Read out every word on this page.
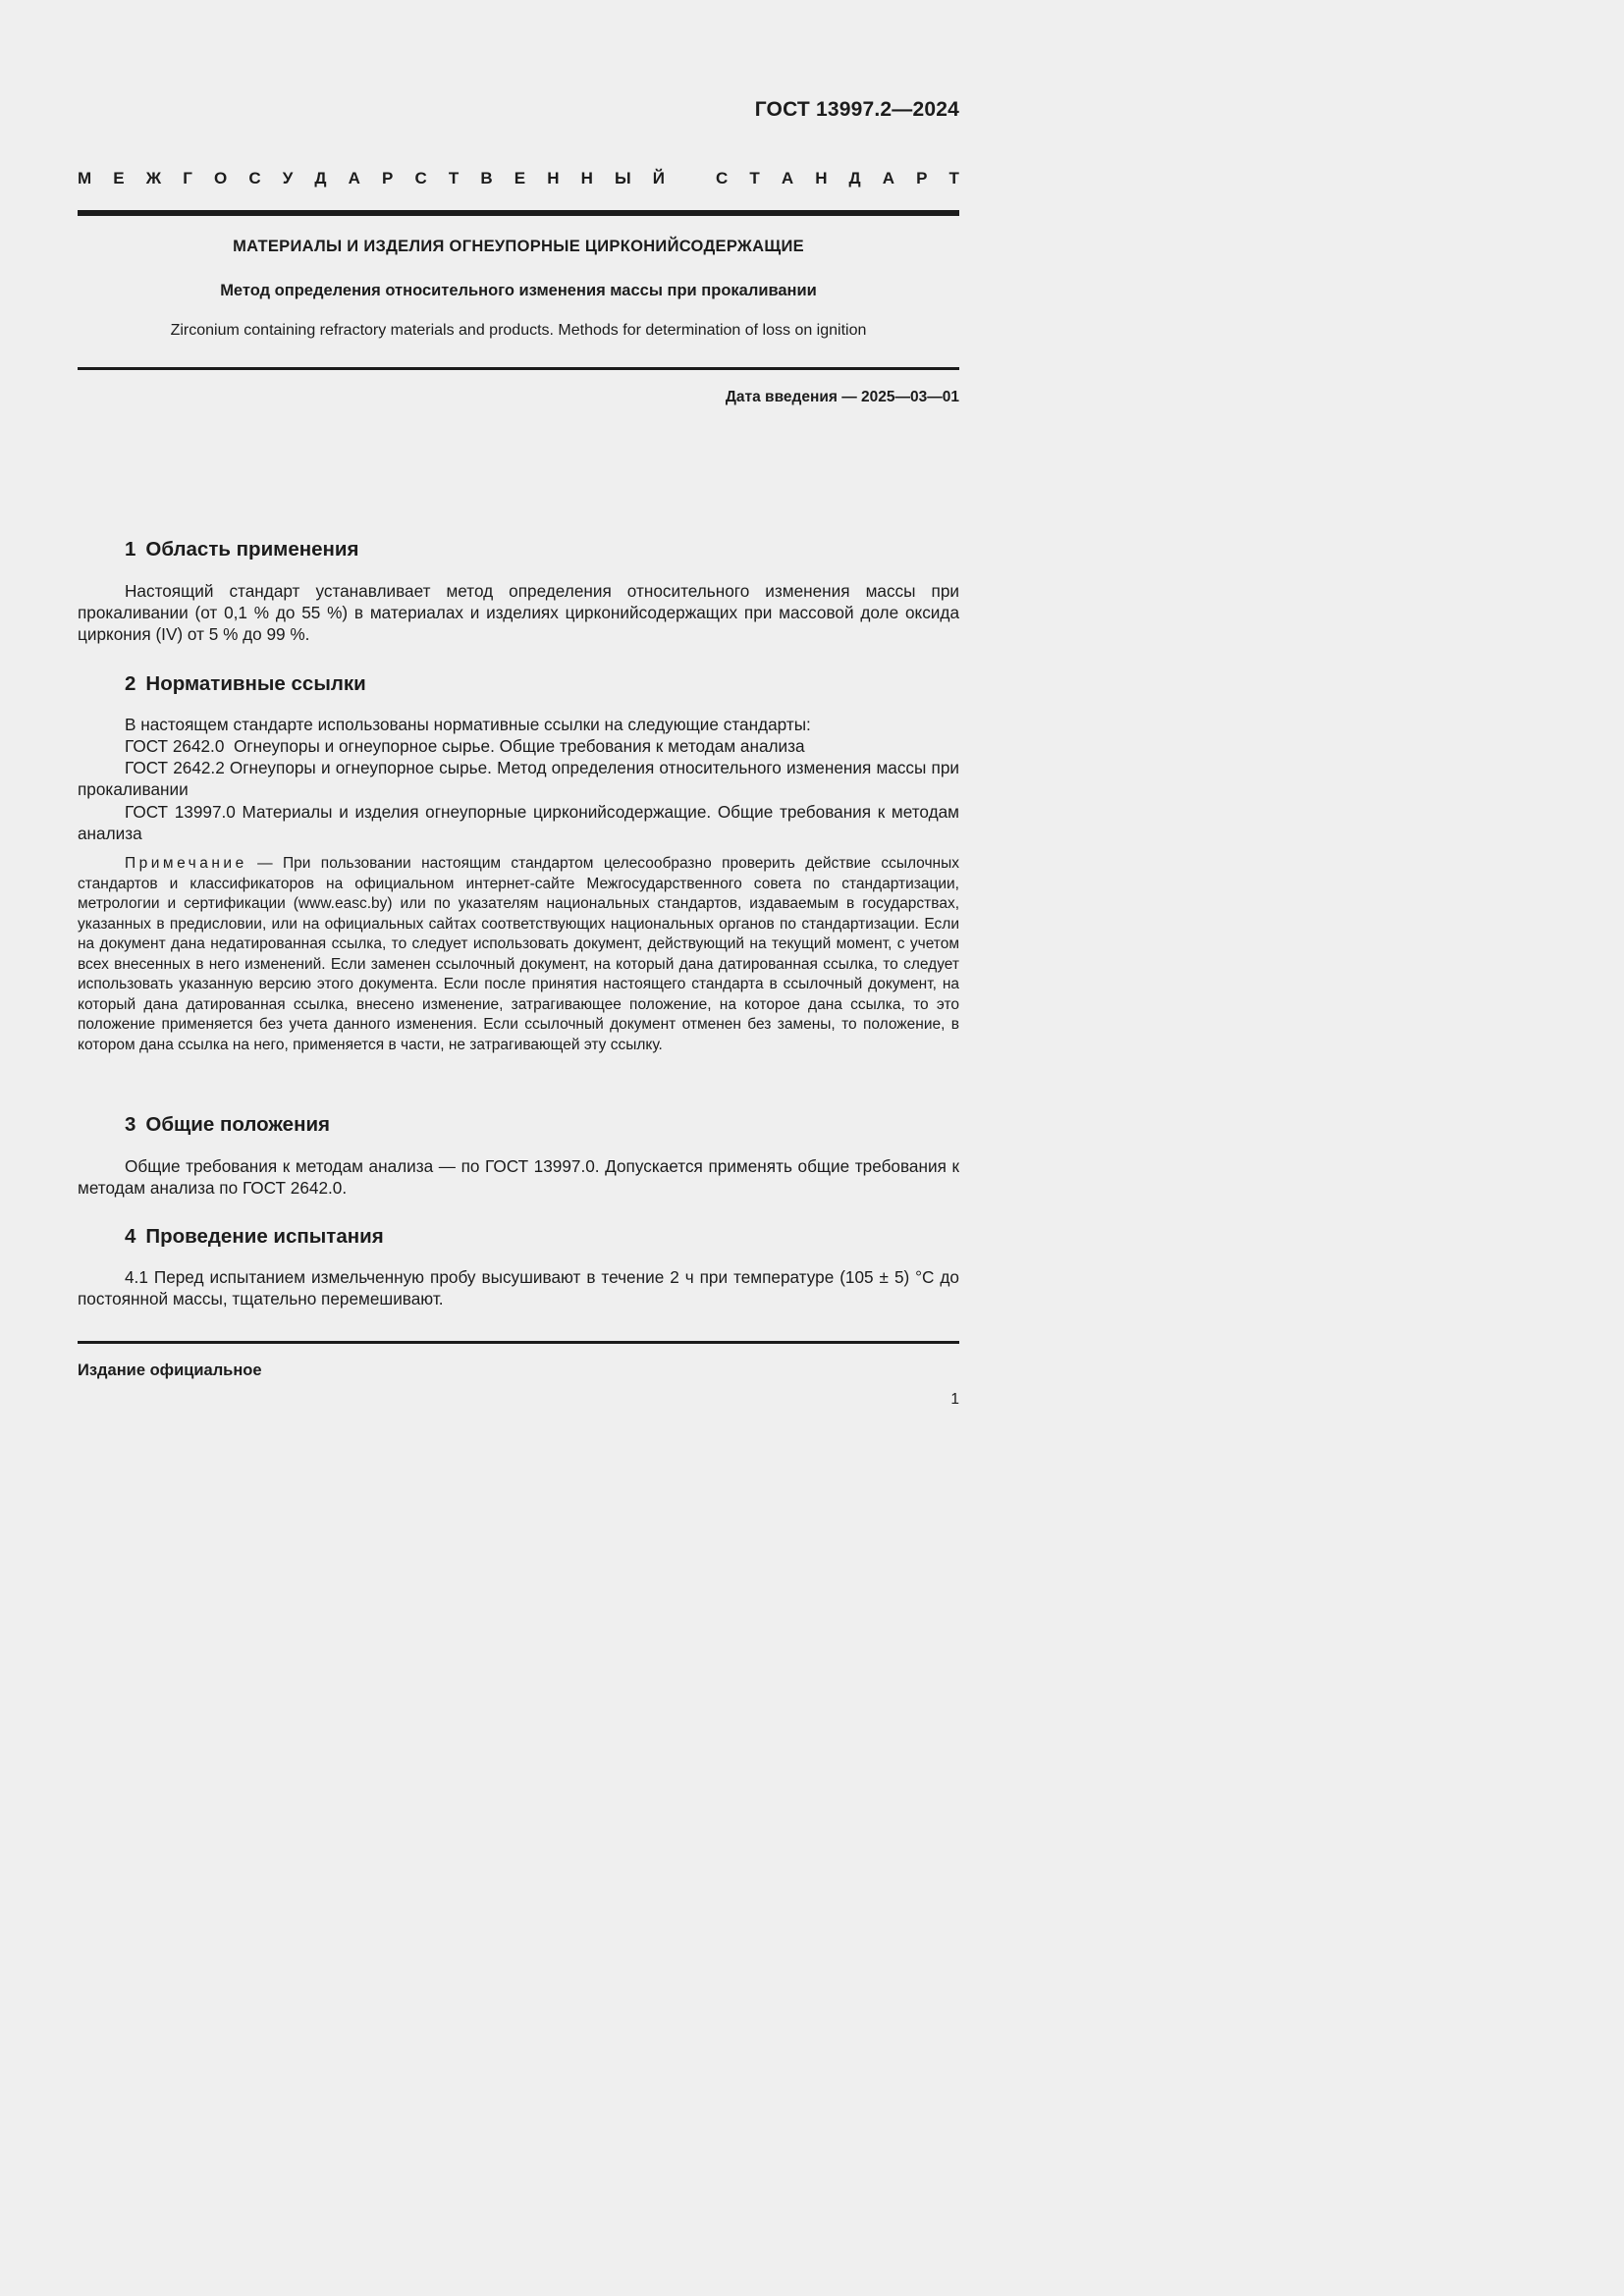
ГОСТ 13997.2—2024
М Е Ж Г О С У Д А Р С Т В Е Н Н Ы Й	С Т А Н Д А Р Т
МАТЕРИАЛЫ И ИЗДЕЛИЯ ОГНЕУПОРНЫЕ ЦИРКОНИЙСОДЕРЖАЩИЕ
Метод определения относительного изменения массы при прокаливании
Zirconium containing refractory materials and products. Methods for determination of loss on ignition
Дата введения — 2025—03—01
1 Область применения

Настоящий стандарт устанавливает метод определения относительного изменения массы при прокаливании (от 0,1 % до 55 %) в материалах и изделиях цирконийсодержащих при массовой доле оксида циркония (IV) от 5 % до 99 %.

2 Нормативные ссылки

В настоящем стандарте использованы нормативные ссылки на следующие стандарты:

ГОСТ 2642.0  Огнеупоры и огнеупорное сырье. Общие требования к методам анализа

ГОСТ 2642.2 Огнеупоры и огнеупорное сырье. Метод определения относительного изменения массы при прокаливании

ГОСТ 13997.0 Материалы и изделия огнеупорные цирконийсодержащие. Общие требования к методам анализа

Примечание — При пользовании настоящим стандартом целесообразно проверить действие ссылочных стандартов и классификаторов на официальном интернет-сайте Межгосударственного совета по стандартизации, метрологии и сертификации (www.easc.by) или по указателям национальных стандартов, издаваемым в государствах, указанных в предисловии, или на официальных сайтах соответствующих национальных органов по стандартизации. Если на документ дана недатированная ссылка, то следует использовать документ, действующий на текущий момент, с учетом всех внесенных в него изменений. Если заменен ссылочный документ, на который дана датированная ссылка, то следует использовать указанную версию этого документа. Если после принятия настоящего стандарта в ссылочный документ, на который дана датированная ссылка, внесено изменение, затрагивающее положение, на которое дана ссылка, то это положение применяется без учета данного изменения. Если ссылочный документ отменен без замены, то положение, в котором дана ссылка на него, применяется в части, не затрагивающей эту ссылку.

3 Общие положения

Общие требования к методам анализа — по ГОСТ 13997.0. Допускается применять общие требования к методам анализа по ГОСТ 2642.0.

4 Проведение испытания

4.1 Перед испытанием измельченную пробу высушивают в течение 2 ч при температуре (105 ± 5) °С до постоянной массы, тщательно перемешивают.

Издание официальное
1
